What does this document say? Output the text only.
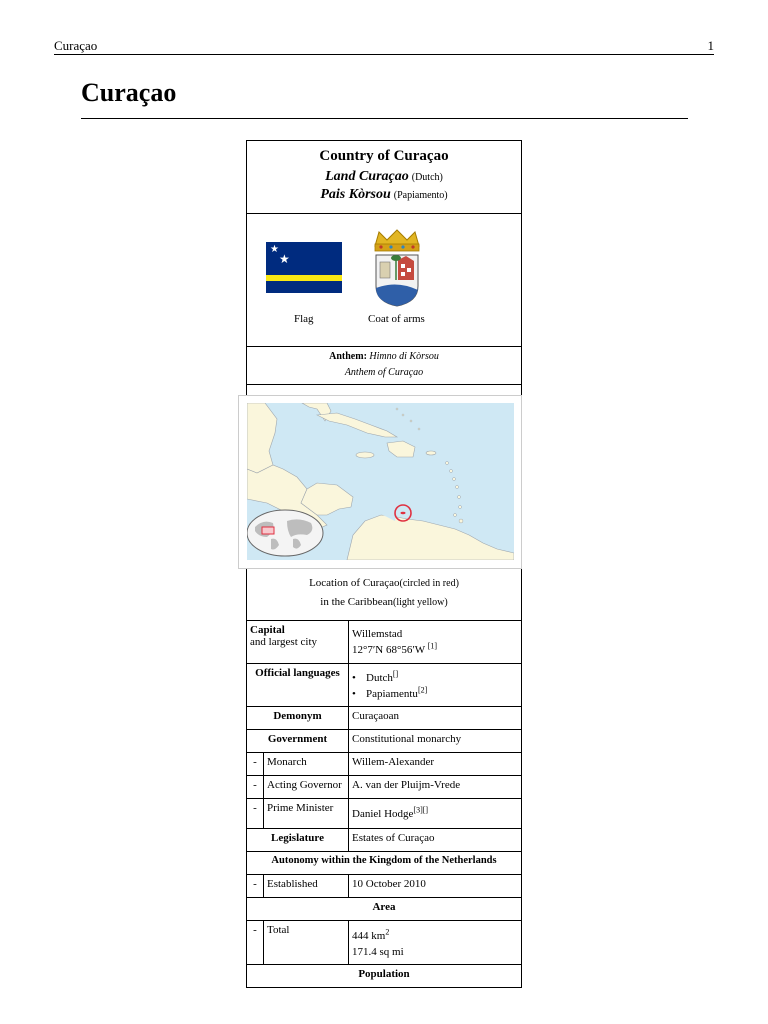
Curaçao	1
Curaçao
Country of Curaçao
Land Curaçao (Dutch)
Pais Kòrsou (Papiamento)
★
★
Flag	Coat of arms
Anthem: Himno di Kòrsou
Anthem of Curaçao
Location of Curaçao(circled in red)
in the Caribbean(light yellow)
Capital
and largest city
Willemstad
12°7′N 68°56′W [1]
Official languages
•	Dutch[]
• Papiamentu[2]
Demonym	Curaçaoan
Government	Constitutional monarchy
- Monarch	Willem-Alexander
- Acting Governor A. van der Pluijm-Vrede
- Prime Minister	Daniel Hodge[3][]
Legislature	Estates of Curaçao
Autonomy within the Kingdom of the Netherlands
- Established	10 October 2010
Area
- Total	444 $km^2$
171.4 sq mi
Population
